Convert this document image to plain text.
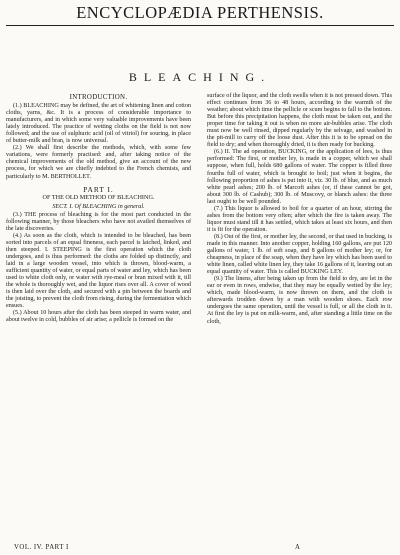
ENCYCLOPÆDIA PERTHENSIS.
BLEACHING.

INTRODUCTION.

(1.) BLEACHING may be defined, the art of whitening linen and cotton cloths, yarns, &c. It is a process of considerable importance to manufacturers, and in which some very valuable improvements have been lately introduced. The practice of wetting cloths on the field is not now followed; and the use of sulphuric acid (oil of vitriol) for souring, in place of butter-milk and bran, is now universal.

(2.) We shall first describe the methods, which, with some few variations, were formerly practised: and, after taking notice of the chemical improvements of the old method, give an account of the new process, for which we are chiefly indebted to the French chemists, and particularly to M. BERTHOLLET.

PART I.

OF THE OLD METHOD OF BLEACHING.

SECT. I. Of BLEACHING in general.

(3.) THE process of bleaching is for the most part conducted in the following manner, by those bleachers who have not availed themselves of the late discoveries.

(4.) As soon as the cloth, which is intended to be bleached, has been sorted into parcels of an equal fineness, each parcel is latched, linked, and then steeped. I. STEEPING is the first operation which the cloth undergoes, and is thus performed: the cloths are folded up distinctly, and laid in a large wooden vessel, into which is thrown, blood-warm, a sufficient quantity of water, or equal parts of water and ley, which has been used to white cloth only, or water with rye-meal or bran mixed with it, till the whole is thoroughly wet, and the liquor rises over all. A cover of wood is then laid over the cloth, and secured with a pin between the boards and the joisting, to prevent the cloth from rising, during the fermentation which ensues.

(5.) About 10 hours after the cloth has been steeped in warm water, and about twelve in cold, bubbles of air arise; a pellicle is formed on the

surface of the liquor, and the cloth swells when it is not pressed down. This effect continues from 36 to 48 hours, according to the warmth of the weather; about which time the pellicle or scum begins to fall to the bottom. But before this precipitation happens, the cloth must be taken out, and the proper time for taking it out is when no more air-bubbles arise. The cloth must now be well rinsed, dipped regularly by the selvage, and washed in the pit-mill to carry off the loose dust. After this it is to be spread on the field to dry; and when thoroughly dried, it is then ready for bucking.

(6.) II. The ad operation, BUCKING, or the application of lees, is thus performed: The first, or mother ley, is made in a copper, which we shall suppose, when full, holds 680 gallons of water. The copper is filled three fourths full of water, which is brought to boil; just when it begins, the following proportion of ashes is put into it, viz. 30 lb. of blue, and as much white pearl ashes; 200 lb. of Marcoft ashes (or, if these cannot be got, about 300 lb. of Cashub); 300 lb. of Muscovy, or blanch ashes: the three last ought to be well pounded.

(7.) This liquor is allowed to boil for a quarter of an hour, stirring the ashes from the bottom very often; after which the fire is taken away. The liquor must stand till it has settled, which takes at least six hours, and then it is fit for the operation.

(8.) Out of the first, or mother ley, the second, or that used in bucking, is made in this manner. Into another copper, holding 160 gallons, are put 120 gallons of water, 1 lb. of soft soap, and 8 gallons of mother ley; or, for cheapness, in place of the soap, when they have ley which has been used to white linen, called white linen ley, they take 16 gallons of it, leaving out an equal quantity of water. This is called BUCKING LEY.

(9.) The linens, after being taken up from the field to dry, are let in the ear or even in rows, endwise, that they may be equally wetted by the ley; which, made blood-warm, is now thrown on them, and the cloth is afterwards trodden down by a man with wooden shoes. Each row undergoes the same operation, until the vessel is full, or all the cloth in it. At first the ley is put on milk-warm, and, after standing a little time on the cloth,

VOL. IV. PART I	A
